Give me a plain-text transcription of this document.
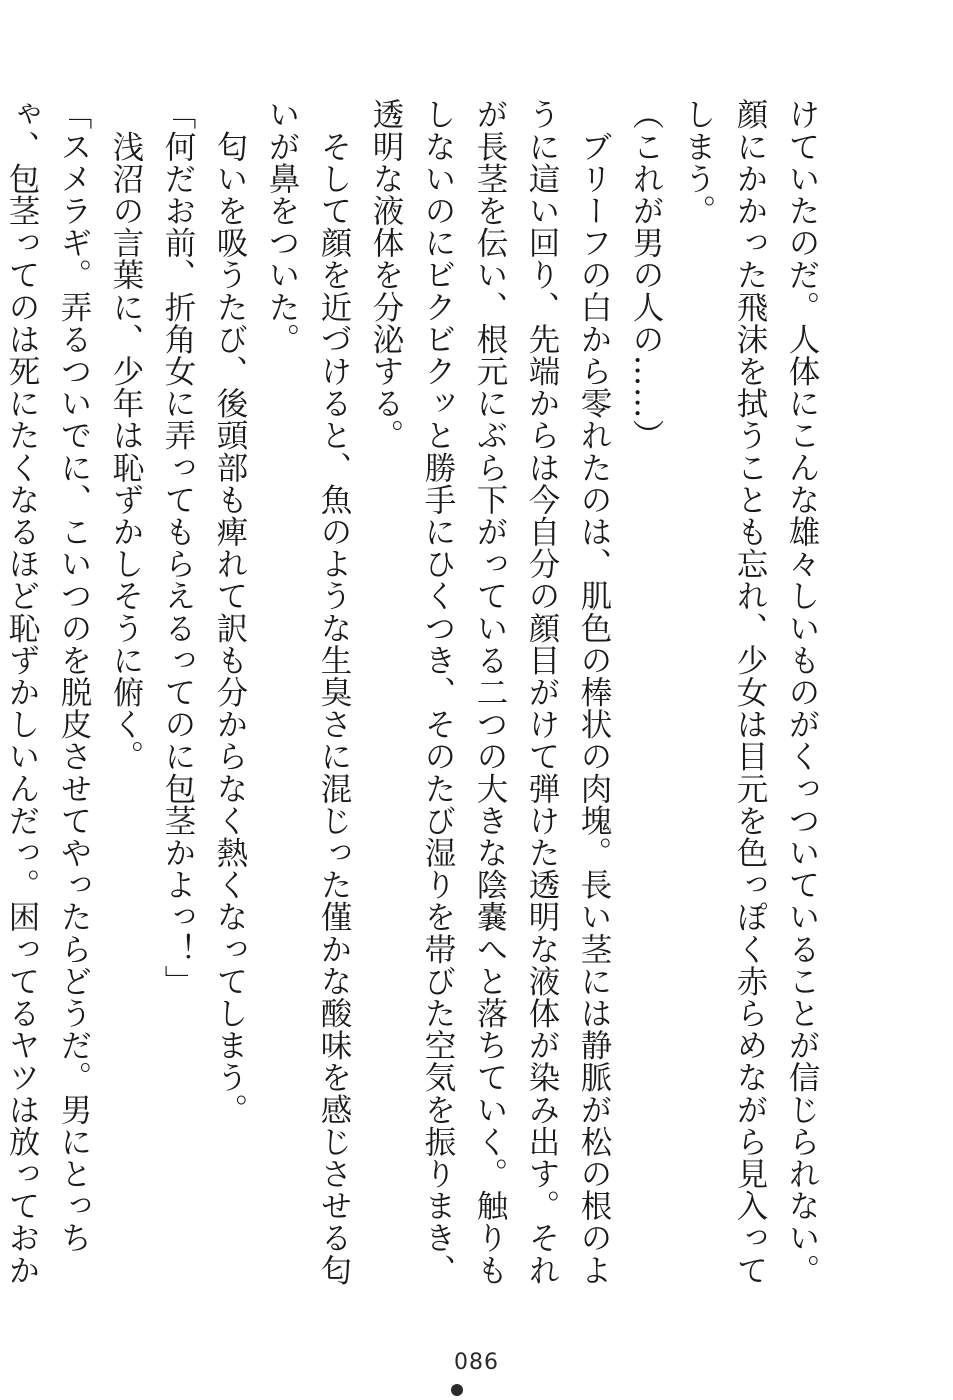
けていたのだ。人体にこんな雄々しいものがくっついていることが信じられない。顔にかかった飛沫を拭うことも忘れ、少女は目元を色っぽく赤らめながら見入ってしまう。

（これが男の人の……）

　ブリーフの白から零れたのは、肌色の棒状の肉塊。長い茎には静脈が松の根のように這い回り、先端からは今自分の顔目がけて弾けた透明な液体が染み出す。それが長茎を伝い、根元にぶら下がっている二つの大きな陰嚢へと落ちていく。触りもしないのにビクビクッと勝手にひくつき、そのたび湿りを帯びた空気を振りまき、透明な液体を分泌する。

　そして顔を近づけると、魚のような生臭さに混じった僅かな酸味を感じさせる匂いが鼻をついた。

　匂いを吸うたび、後頭部も痺れて訳も分からなく熱くなってしまう。

「何だお前、折角女に弄ってもらえるってのに包茎かよっ！」

　浅沼の言葉に、少年は恥ずかしそうに俯く。

「スメラギ。弄るついでに、こいつのを脱皮させてやったらどうだ。男にとっちゃ、包茎ってのは死にたくなるほど恥ずかしいんだっ。困ってるヤツは放っておか

086
